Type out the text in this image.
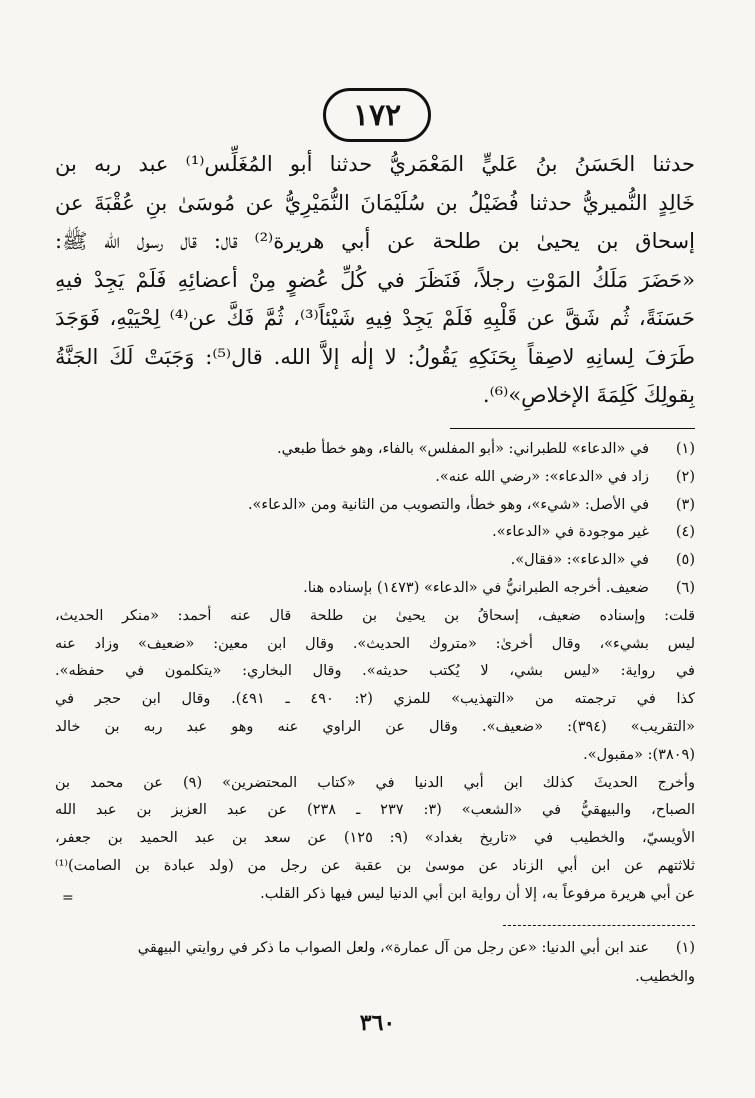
١٧٢
حدثنا الحَسَنُ بنُ عَليٍّ المَعْمَريُّ حدثنا أبو المُغَلِّس⁽¹⁾ عبد ربه بن
خَالِدٍ النُّميريُّ حدثنا فُضَيْلُ بن سُلَيْمَانَ النُّمَيْرِيُّ عن مُوسَىٰ بنِ عُقْبَةَ عن
إسحاق بن يحيىٰ بن طلحة عن أبي هريرة⁽²⁾ قال: قال رسول الله ﷺ:
«حَضَرَ مَلَكُ المَوْتِ رجلاً، فَنَظَرَ في كُلِّ عُضوٍ مِنْ أعضائِهِ فَلَمْ يَجِدْ فيهِ
حَسَنَةً، ثُم شَقَّ عن قَلْبِهِ فَلَمْ يَجِدْ فِيهِ شَيْئاً⁽³⁾، ثُمَّ فَكَّ عن⁽⁴⁾ لِحْيَيْهِ، فَوَجَدَ
طَرَفَ لِسانِهِ لاصِقاً بِحَنَكِهِ يَقُولُ: لا إلٰه إلاَّ الله. قال⁽⁵⁾: وَجَبَتْ لَكَ الجَنَّةُ
بِقولِكَ كَلِمَةَ الإخلاصِ»⁽⁶⁾.
(١)
في «الدعاء» للطبراني: «أبو المفلس» بالفاء، وهو خطأ طبعي.
(٢)
زاد في «الدعاء»: «رضي الله عنه».
(٣)
في الأصل: «شيء»، وهو خطأ، والتصويب من الثانية ومن «الدعاء».
(٤)
غير موجودة في «الدعاء».
(٥)
في «الدعاء»: «فقال».
(٦)
ضعيف. أخرجه الطبرانيُّ في «الدعاء» (١٤٧٣) بإسناده هنا.
قلت: وإسناده ضعيف، إسحاقُ بن يحيىٰ بن طلحة قال عنه أحمد: «منكر الحديث،
ليس بشيء»، وقال أخرىٰ: «متروك الحديث». وقال ابن معين: «ضعيف» وزاد عنه
في رواية: «ليس بشي، لا يُكتب حديثه». وقال البخاري: «يتكلمون في حفظه».
كذا في ترجمته من «التهذيب» للمزي (٢: ٤٩٠ ـ ٤٩١). وقال ابن حجر في
«التقريب» (٣٩٤): «ضعيف». وقال عن الراوي عنه وهو عبد ربه بن خالد
(٣٨٠٩): «مقبول».
وأخرج الحديثَ كذلك ابن أبي الدنيا في «كتاب المحتضرين» (٩) عن محمد بن
الصباح، والبيهقيُّ في «الشعب» (٣: ٢٣٧ ـ ٢٣٨) عن عبد العزيز بن عبد الله
الأويسيّ، والخطيب في «تاريخ بغداد» (٩: ١٢٥) عن سعد بن عبد الحميد بن جعفر،
ثلاثتهم عن ابن أبي الزناد عن موسىٰ بن عقبة عن رجل من (ولد عبادة بن الصامت)⁽¹⁾
عن أبي هريرة مرفوعاً به، إلا أن رواية ابن أبي الدنيا ليس فيها ذكر القلب.
=
(١)
عند ابن أبي الدنيا: «عن رجل من آل عمارة»، ولعل الصواب ما ذكر في روايتي البيهقي
والخطيب.
٣٦٠
